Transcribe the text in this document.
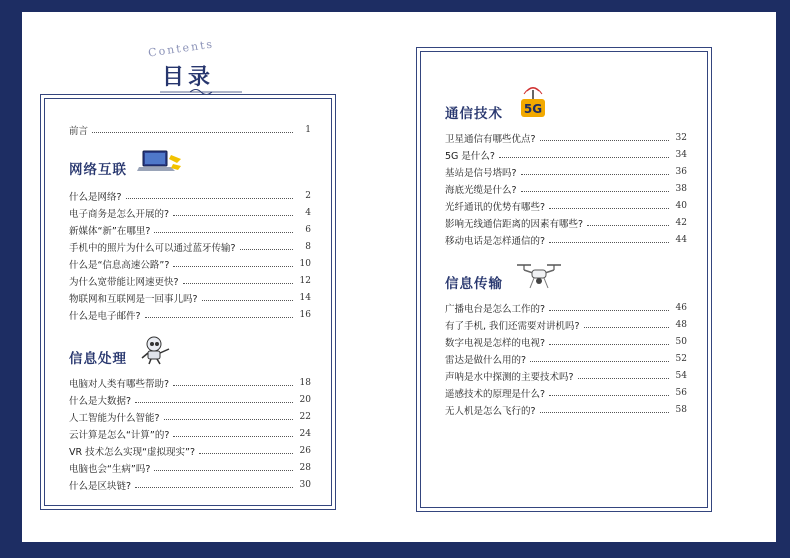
Contents
目录
前言	1
网络互联
什么是网络?	2
电子商务是怎么开展的?	4
新媒体“新”在哪里?	6
手机中的照片为什么可以通过蓝牙传输?	8
什么是“信息高速公路”?	10
为什么宽带能让网速更快?	12
物联网和互联网是一回事儿吗?	14
什么是电子邮件?	16
信息处理
电脑对人类有哪些帮助?	18
什么是大数据?	20
人工智能为什么智能?	22
云计算是怎么“计算”的?	24
VR 技术怎么实现“虚拟现实”?	26
电脑也会“生病”吗?	28
什么是区块链?	30
通信技术 5G
卫星通信有哪些优点?	32
5G 是什么?	34
基站是信号塔吗?	36
海底光缆是什么?	38
光纤通讯的优势有哪些?	40
影响无线通信距离的因素有哪些?	42
移动电话是怎样通信的?	44
信息传输
广播电台是怎么工作的?	46
有了手机, 我们还需要对讲机吗?	48
数字电视是怎样的电视?	50
雷达是做什么用的?	52
声呐是水中探测的主要技术吗?	54
遥感技术的原理是什么?	56
无人机是怎么飞行的?	58
